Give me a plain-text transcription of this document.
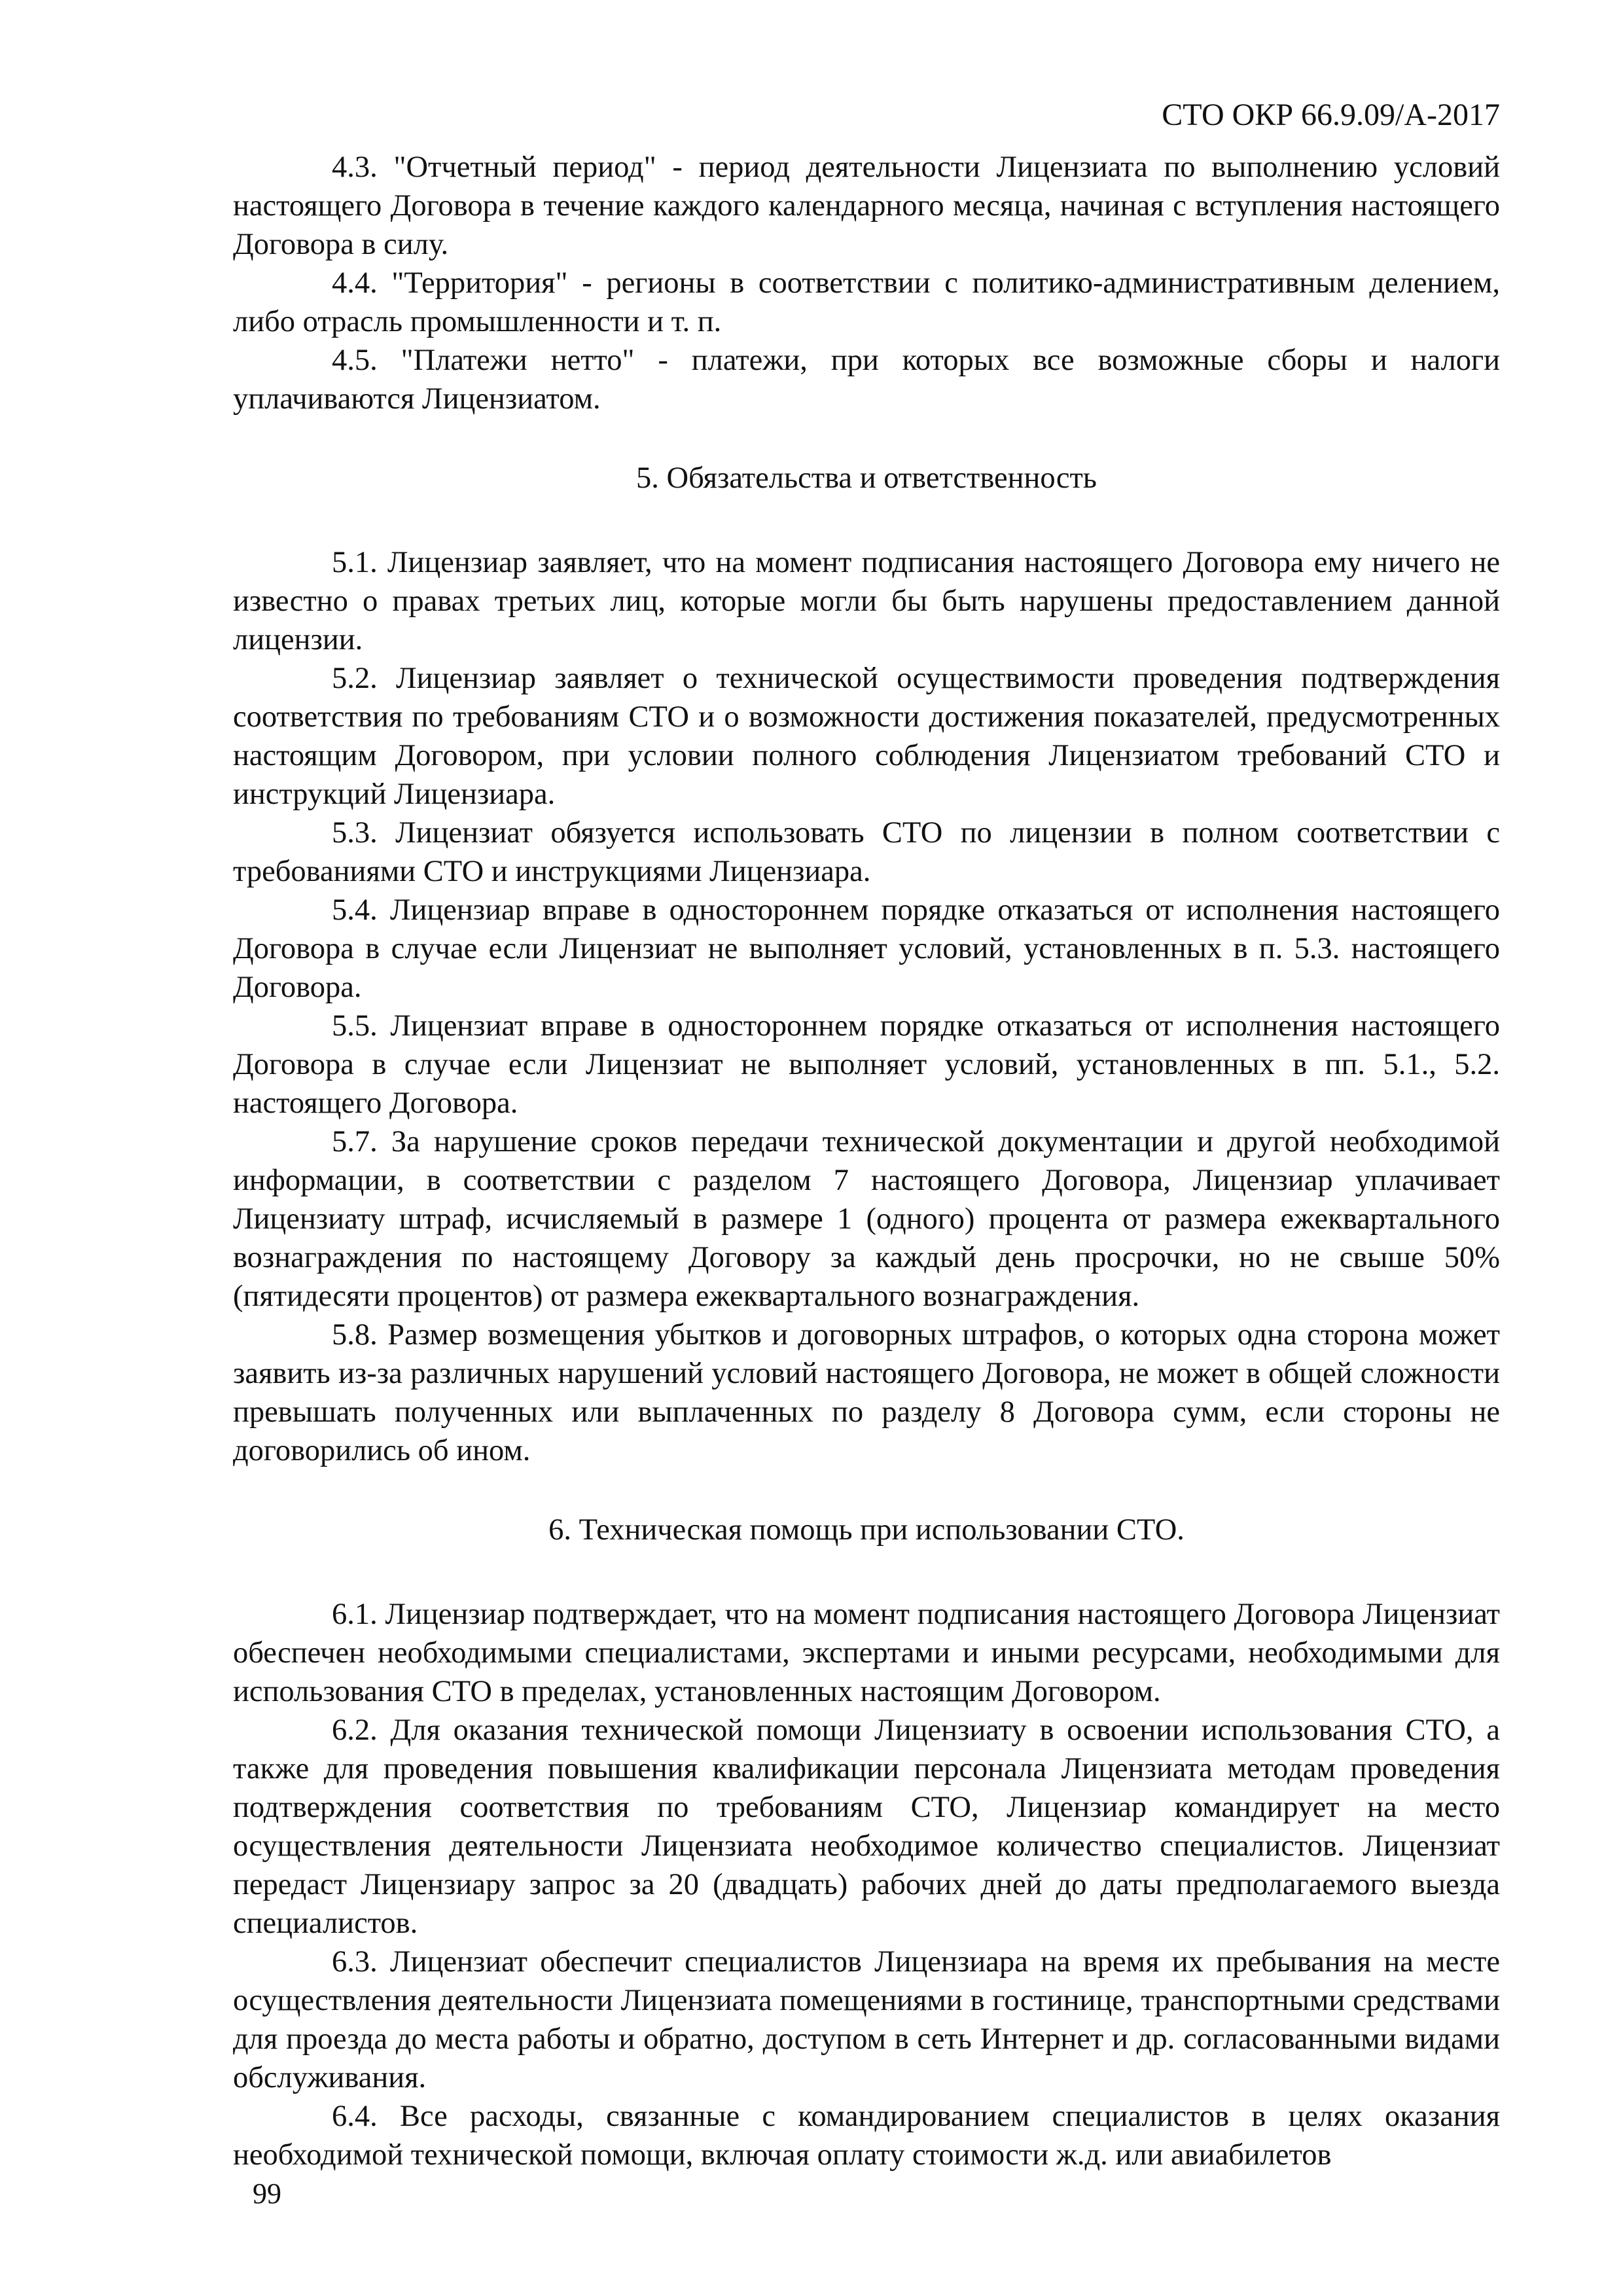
СТО ОКР 66.9.09/А-2017

4.3. "Отчетный период" - период деятельности Лицензиата по выполнению условий настоящего Договора в течение каждого календарного месяца, начиная с вступления настоящего Договора в силу.

4.4. "Территория" - регионы в соответствии с политико-административным делением, либо отрасль промышленности и т. п.

4.5. "Платежи нетто" - платежи, при которых все возможные сборы и налоги уплачиваются Лицензиатом.

5. Обязательства и ответственность

5.1. Лицензиар заявляет, что на момент подписания настоящего Договора ему ничего не известно о правах третьих лиц, которые могли бы быть нарушены предоставлением данной лицензии.

5.2. Лицензиар заявляет о технической осуществимости проведения подтверждения соответствия по требованиям СТО и о возможности достижения показателей, предусмотренных настоящим Договором, при условии полного соблюдения Лицензиатом требований СТО и инструкций Лицензиара.

5.3. Лицензиат обязуется использовать СТО по лицензии в полном соответствии с требованиями СТО и инструкциями Лицензиара.

5.4. Лицензиар вправе в одностороннем порядке отказаться от исполнения настоящего Договора в случае если Лицензиат не выполняет условий, установленных в п. 5.3. настоящего Договора.

5.5. Лицензиат вправе в одностороннем порядке отказаться от исполнения настоящего Договора в случае если Лицензиат не выполняет условий, установленных в пп. 5.1., 5.2. настоящего Договора.

5.7. За нарушение сроков передачи технической документации и другой необходимой информации, в соответствии с разделом 7 настоящего Договора, Лицензиар уплачивает Лицензиату штраф, исчисляемый в размере 1 (одного) процента от размера ежеквартального вознаграждения по настоящему Договору за каждый день просрочки, но не свыше 50% (пятидесяти процентов) от размера ежеквартального вознаграждения.

5.8. Размер возмещения убытков и договорных штрафов, о которых одна сторона может заявить из-за различных нарушений условий настоящего Договора, не может в общей сложности превышать полученных или выплаченных по разделу 8 Договора сумм, если стороны не договорились об ином.

6. Техническая помощь при использовании СТО.

6.1. Лицензиар подтверждает, что на момент подписания настоящего Договора Лицензиат обеспечен необходимыми специалистами, экспертами и иными ресурсами, необходимыми для использования СТО в пределах, установленных настоящим Договором.

6.2. Для оказания технической помощи Лицензиату в освоении использования СТО, а также для проведения повышения квалификации персонала Лицензиата методам проведения подтверждения соответствия по требованиям СТО, Лицензиар командирует на место осуществления деятельности Лицензиата необходимое количество специалистов. Лицензиат передаст Лицензиару запрос за 20 (двадцать) рабочих дней до даты предполагаемого выезда специалистов.

6.3. Лицензиат обеспечит специалистов Лицензиара на время их пребывания на месте осуществления деятельности Лицензиата помещениями в гостинице, транспортными средствами для проезда до места работы и обратно, доступом в сеть Интернет и др. согласованными видами обслуживания.

6.4. Все расходы, связанные с командированием специалистов в целях оказания необходимой технической помощи, включая оплату стоимости ж.д. или авиабилетов

99
